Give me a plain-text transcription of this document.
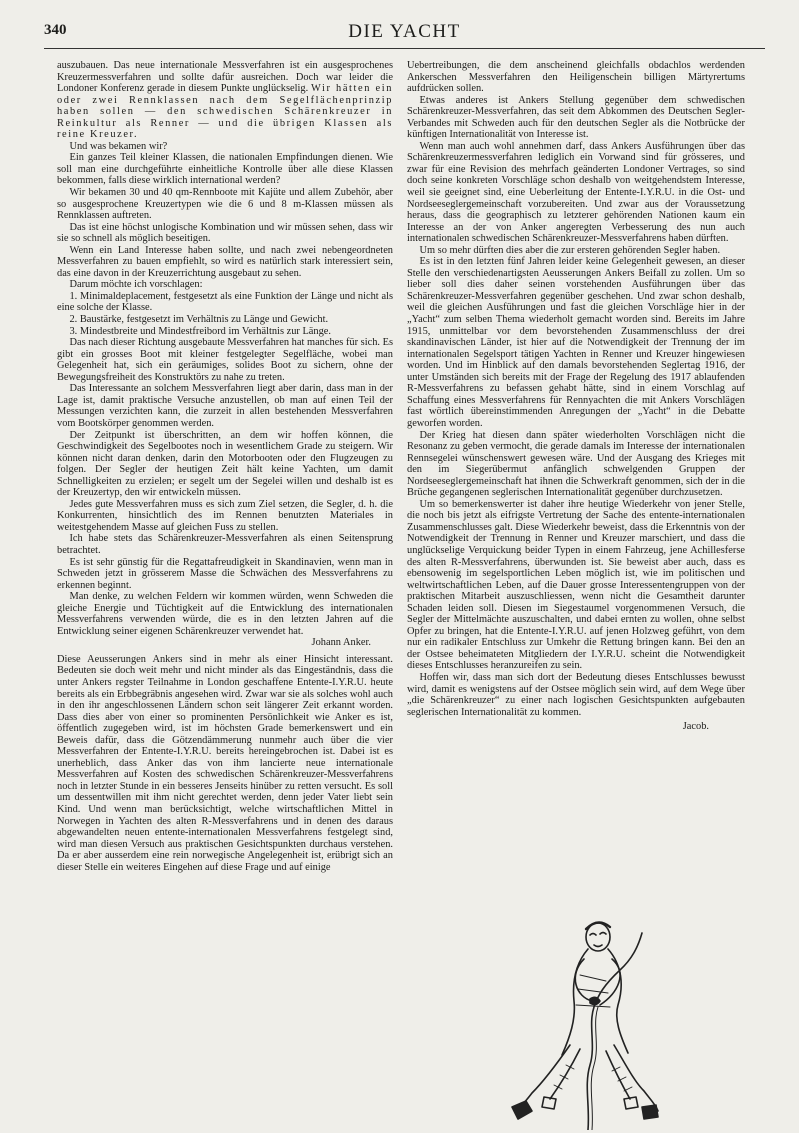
340	DIE YACHT

auszubauen. Das neue internationale Messverfahren ist ein ausgesprochenes Kreuzermessverfahren und sollte dafür ausreichen. Doch war leider die Londoner Konferenz gerade in diesem Punkte unglückselig. Wir hätten ein oder zwei Rennklassen nach dem Segelflächenprinzip haben sollen — den schwedischen Schärenkreuzer in Reinkultur als Renner — und die übrigen Klassen als reine Kreuzer.

Und was bekamen wir?

Ein ganzes Teil kleiner Klassen, die nationalen Empfindungen dienen. Wie soll man eine durchgeführte einheitliche Kontrolle über alle diese Klassen bekommen, falls diese wirklich international werden?

Wir bekamen 30 und 40 qm-Rennboote mit Kajüte und allem Zubehör, aber so ausgesprochene Kreuzertypen wie die 6 und 8 m-Klassen müssen als Rennklassen auftreten.

Das ist eine höchst unlogische Kombination und wir müssen sehen, dass wir sie so schnell als möglich beseitigen.

Wenn ein Land Interesse haben sollte, und nach zwei nebengeordneten Messverfahren zu bauen empfiehlt, so wird es natürlich stark interessiert sein, das eine davon in der Kreuzerrichtung ausgebaut zu sehen.

Darum möchte ich vorschlagen:

1. Minimaldeplacement, festgesetzt als eine Funktion der Länge und nicht als eine solche der Klasse.

2. Baustärke, festgesetzt im Verhältnis zu Länge und Gewicht.

3. Mindestbreite und Mindestfreibord im Verhältnis zur Länge.

Das nach dieser Richtung ausgebaute Messverfahren hat manches für sich. Es gibt ein grosses Boot mit kleiner festgelegter Segelfläche, wobei man Gelegenheit hat, sich ein geräumiges, solides Boot zu sichern, ohne der Bewegungsfreiheit des Konstruktörs zu nahe zu treten.

Das Interessante an solchem Messverfahren liegt aber darin, dass man in der Lage ist, damit praktische Versuche anzustellen, ob man auf einen Teil der Messungen verzichten kann, die zurzeit in allen bestehenden Messverfahren vom Bootskörper genommen werden.

Der Zeitpunkt ist überschritten, an dem wir hoffen können, die Geschwindigkeit des Segelbootes noch in wesentlichem Grade zu steigern. Wir können nicht daran denken, darin den Motorbooten oder den Flugzeugen zu folgen. Der Segler der heutigen Zeit hält keine Yachten, um damit Schnelligkeiten zu erzielen; er segelt um der Segelei willen und deshalb ist es der Kreuzertyp, den wir entwickeln müssen.

Jedes gute Messverfahren muss es sich zum Ziel setzen, die Segler, d. h. die Konkurrenten, hinsichtlich des im Rennen benutzten Materiales in weitestgehendem Masse auf gleichen Fuss zu stellen.

Ich habe stets das Schärenkreuzer-Messverfahren als einen Seitensprung betrachtet.

Es ist sehr günstig für die Regattafreudigkeit in Skandinavien, wenn man in Schweden jetzt in grösserem Masse die Schwächen des Messverfahrens zu erkennen beginnt.

Man denke, zu welchen Feldern wir kommen würden, wenn Schweden die gleiche Energie und Tüchtigkeit auf die Entwicklung des internationalen Messverfahrens verwenden würde, die es in den letzten Jahren auf die Entwicklung seiner eigenen Schärenkreuzer verwendet hat.

Johann Anker.

Diese Aeusserungen Ankers sind in mehr als einer Hinsicht interessant. Bedeuten sie doch weit mehr und nicht minder als das Eingeständnis, dass die unter Ankers regster Teilnahme in London geschaffene Entente-I.Y.R.U. heute bereits als ein Erbbegräbnis angesehen wird. Zwar war sie als solches wohl auch in den ihr angeschlossenen Ländern schon seit längerer Zeit erkannt worden. Dass dies aber von einer so prominenten Persönlichkeit wie Anker es ist, öffentlich zugegeben wird, ist im höchsten Grade bemerkenswert und ein Beweis dafür, dass die Götzendämmerung nunmehr auch über die vier Messverfahren der Entente-I.Y.R.U. bereits hereingebrochen ist. Dabei ist es unerheblich, dass Anker das von ihm lancierte neue internationale Messverfahren auf Kosten des schwedischen Schärenkreuzer-Messverfahrens noch in letzter Stunde in ein besseres Jenseits hinüber zu retten versucht. Es soll um dessentwillen mit ihm nicht gerechtet werden, denn jeder Vater liebt sein Kind. Und wenn man berücksichtigt, welche wirtschaftlichen Mittel in Norwegen in Yachten des alten R-Messverfahrens und in denen des daraus abgewandelten neuen entente-internationalen Messverfahrens festgelegt sind, wird man diesen Versuch aus praktischen Gesichtspunkten durchaus verstehen. Da er aber ausserdem eine rein norwegische Angelegenheit ist, erübrigt sich an dieser Stelle ein weiteres Eingehen auf diese Frage und auf einige

Uebertreibungen, die dem anscheinend gleichfalls obdachlos werdenden Ankerschen Messverfahren den Heiligenschein billigen Märtyrertums aufdrücken sollen.

Etwas anderes ist Ankers Stellung gegenüber dem schwedischen Schärenkreuzer-Messverfahren, das seit dem Abkommen des Deutschen Segler-Verbandes mit Schweden auch für den deutschen Segler als die Notbrücke der künftigen Internationalität von Interesse ist.

Wenn man auch wohl annehmen darf, dass Ankers Ausführungen über das Schärenkreuzermessverfahren lediglich ein Vorwand sind für grösseres, und zwar für eine Revision des mehrfach geänderten Londoner Vertrages, so sind doch seine konkreten Vorschläge schon deshalb von weitgehendstem Interesse, weil sie geeignet sind, eine Ueberleitung der Entente-I.Y.R.U. in die Ost- und Nordseeseglergemeinschaft vorzubereiten. Und zwar aus der Voraussetzung heraus, dass die geographisch zu letzterer gehörenden Nationen kaum ein Interesse an der von Anker angeregten Verbesserung des nun auch internationalen schwedischen Schärenkreuzer-Messverfahrens haben dürften.

Um so mehr dürften dies aber die zur ersteren gehörenden Segler haben.

Es ist in den letzten fünf Jahren leider keine Gelegenheit gewesen, an dieser Stelle den verschiedenartigsten Aeusserungen Ankers Beifall zu zollen. Um so lieber soll dies daher seinen vorstehenden Ausführungen über das Schärenkreuzer-Messverfahren gegenüber geschehen. Und zwar schon deshalb, weil die gleichen Ausführungen und fast die gleichen Vorschläge hier in der „Yacht“ zum selben Thema wiederholt gemacht worden sind. Bereits im Jahre 1915, unmittelbar vor dem bevorstehenden Zusammenschluss der drei skandinavischen Länder, ist hier auf die Notwendigkeit der Trennung der im internationalen Segelsport tätigen Yachten in Renner und Kreuzer hingewiesen worden. Und im Hinblick auf den damals bevorstehenden Seglertag 1916, der unter Umständen sich bereits mit der Frage der Regelung des 1917 ablaufenden R-Messverfahrens zu befassen gehabt hätte, sind in einem Vorschlag auf Schaffung eines Messverfahrens für Rennyachten die mit Ankers Vorschlägen fast wörtlich übereinstimmenden Anregungen der „Yacht“ in die Debatte geworfen worden.

Der Krieg hat diesen dann später wiederholten Vorschlägen nicht die Resonanz zu geben vermocht, die gerade damals im Interesse der internationalen Rennsegelei wünschenswert gewesen wäre. Und der Ausgang des Krieges mit den im Siegerübermut anfänglich schwelgenden Gruppen der Nordseeseglergemeinschaft hat ihnen die Schwerkraft genommen, sich der in die Brüche gegangenen seglerischen Internationalität gegenüber durchzusetzen.

Um so bemerkenswerter ist daher ihre heutige Wiederkehr von jener Stelle, die noch bis jetzt als eifrigste Vertretung der Sache des entente-internationalen Zusammenschlusses galt. Diese Wiederkehr beweist, dass die Erkenntnis von der Notwendigkeit der Trennung in Renner und Kreuzer marschiert, und dass die unglückselige Verquickung beider Typen in einem Fahrzeug, jene Achillesferse des alten R-Messverfahrens, überwunden ist. Sie beweist aber auch, dass es ebensowenig im segelsportlichen Leben möglich ist, wie im politischen und weltwirtschaftlichen Leben, auf die Dauer grosse Interessentengruppen von der praktischen Mitarbeit auszuschliessen, wenn nicht die Gesamtheit darunter Schaden leiden soll. Diesen im Siegestaumel vorgenommenen Versuch, die Segler der Mittelmächte auszuschalten, und dabei ernten zu wollen, ohne selbst Opfer zu bringen, hat die Entente-I.Y.R.U. auf jenen Holzweg geführt, von dem nur ein radikaler Entschluss zur Umkehr die Rettung bringen kann. Bei den an der Ostsee beheimateten Mitgliedern der I.Y.R.U. scheint die Notwendigkeit dieses Entschlusses heranzureifen zu sein.

Hoffen wir, dass man sich dort der Bedeutung dieses Entschlusses bewusst wird, damit es wenigstens auf der Ostsee möglich sein wird, auf dem Wege über „die Schärenkreuzer“ zu einer nach logischen Gesichtspunkten aufgebauten seglerischen Internationalität zu kommen.

Jacob.
